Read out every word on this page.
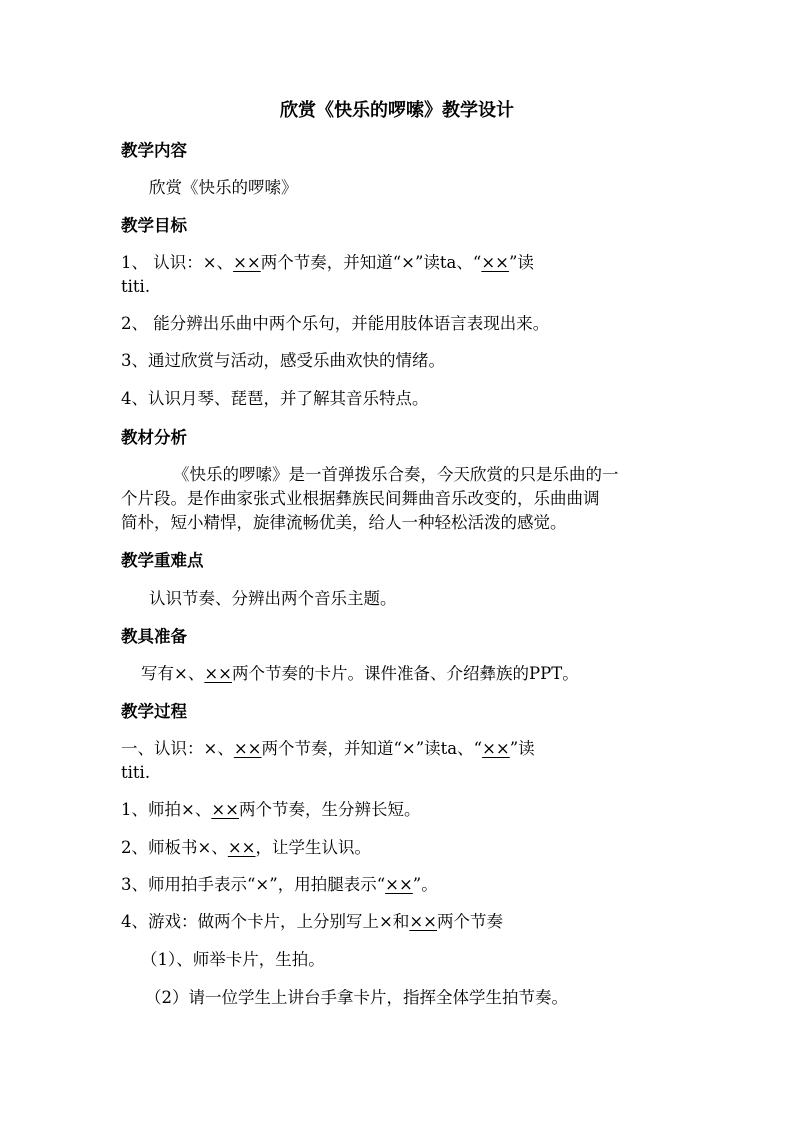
欣赏《快乐的啰嗦》教学设计
教学内容
欣赏《快乐的啰嗦》
教学目标
1、 认识：×、××两个节奏，并知道“×”读ta、“××”读
titi.
2、 能分辨出乐曲中两个乐句，并能用肢体语言表现出来。
3、通过欣赏与活动，感受乐曲欢快的情绪。
4、认识月琴、琵琶，并了解其音乐特点。
教材分析
《快乐的啰嗦》是一首弹拨乐合奏，今天欣赏的只是乐曲的一
个片段。是作曲家张式业根据彝族民间舞曲音乐改变的，乐曲曲调
简朴，短小精悍，旋律流畅优美，给人一种轻松活泼的感觉。
教学重难点
认识节奏、分辨出两个音乐主题。
教具准备
写有×、××两个节奏的卡片。课件准备、介绍彝族的PPT。
教学过程
一、认识：×、××两个节奏，并知道“×”读ta、“××”读
titi.
1、师拍×、××两个节奏，生分辨长短。
2、师板书×、××，让学生认识。
3、师用拍手表示“×”，用拍腿表示“××”。
4、游戏：做两个卡片，上分别写上×和××两个节奏
（1）、师举卡片，生拍。
（2）请一位学生上讲台手拿卡片，指挥全体学生拍节奏。
